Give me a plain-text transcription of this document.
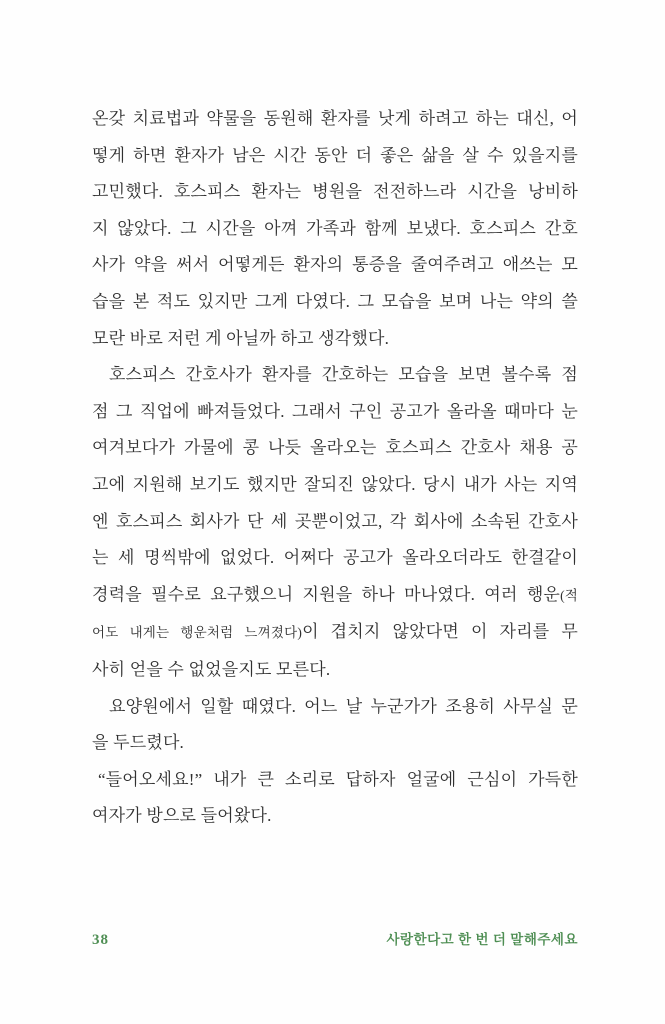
온갖 치료법과 약물을 동원해 환자를 낫게 하려고 하는 대신, 어
떻게 하면 환자가 남은 시간 동안 더 좋은 삶을 살 수 있을지를
고민했다. 호스피스 환자는 병원을 전전하느라 시간을 낭비하
지 않았다. 그 시간을 아껴 가족과 함께 보냈다. 호스피스 간호
사가 약을 써서 어떻게든 환자의 통증을 줄여주려고 애쓰는 모
습을 본 적도 있지만 그게 다였다. 그 모습을 보며 나는 약의 쓸
모란 바로 저런 게 아닐까 하고 생각했다.
호스피스 간호사가 환자를 간호하는 모습을 보면 볼수록 점
점 그 직업에 빠져들었다. 그래서 구인 공고가 올라올 때마다 눈
여겨보다가 가물에 콩 나듯 올라오는 호스피스 간호사 채용 공
고에 지원해 보기도 했지만 잘되진 않았다. 당시 내가 사는 지역
엔 호스피스 회사가 단 세 곳뿐이었고, 각 회사에 소속된 간호사
는 세 명씩밖에 없었다. 어쩌다 공고가 올라오더라도 한결같이
경력을 필수로 요구했으니 지원을 하나 마나였다. 여러 행운(적
어도 내게는 행운처럼 느껴졌다)이 겹치지 않았다면 이 자리를 무
사히 얻을 수 없었을지도 모른다.
요양원에서 일할 때였다. 어느 날 누군가가 조용히 사무실 문
을 두드렸다.
“들어오세요!” 내가 큰 소리로 답하자 얼굴에 근심이 가득한
여자가 방으로 들어왔다.
38	사랑한다고 한 번 더 말해주세요
